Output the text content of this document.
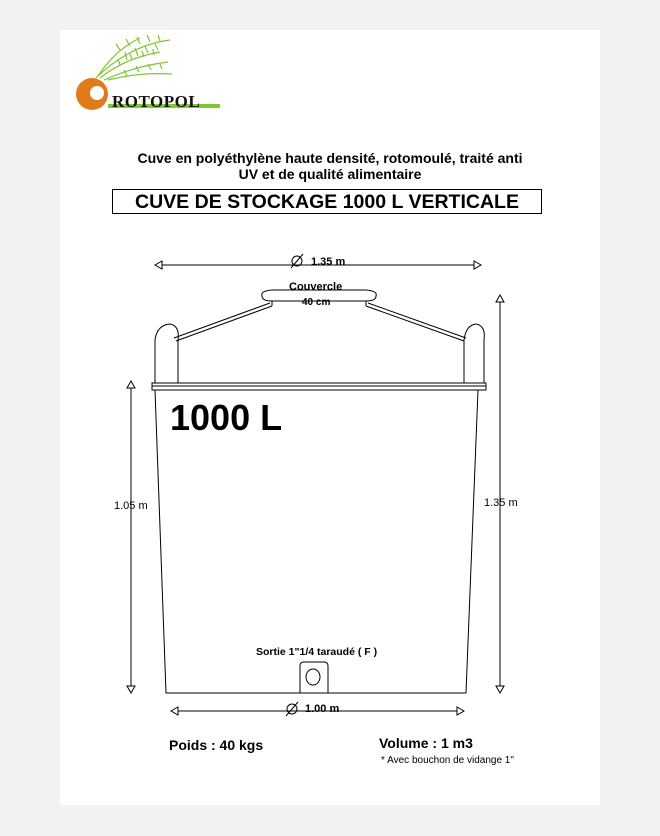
ROTOPOL
Cuve en polyéthylène haute densité, rotomoulé, traité anti
UV et de qualité alimentaire
CUVE DE STOCKAGE 1000 L VERTICALE
1.35 m
Couvercle
40 cm
1000 L
1.05 m	1.35 m
Sortie 1"1/4 taraudé ( F )
1.00 m
Poids : 40 kgs	Volume : 1 m3
* Avec bouchon de vidange 1"
